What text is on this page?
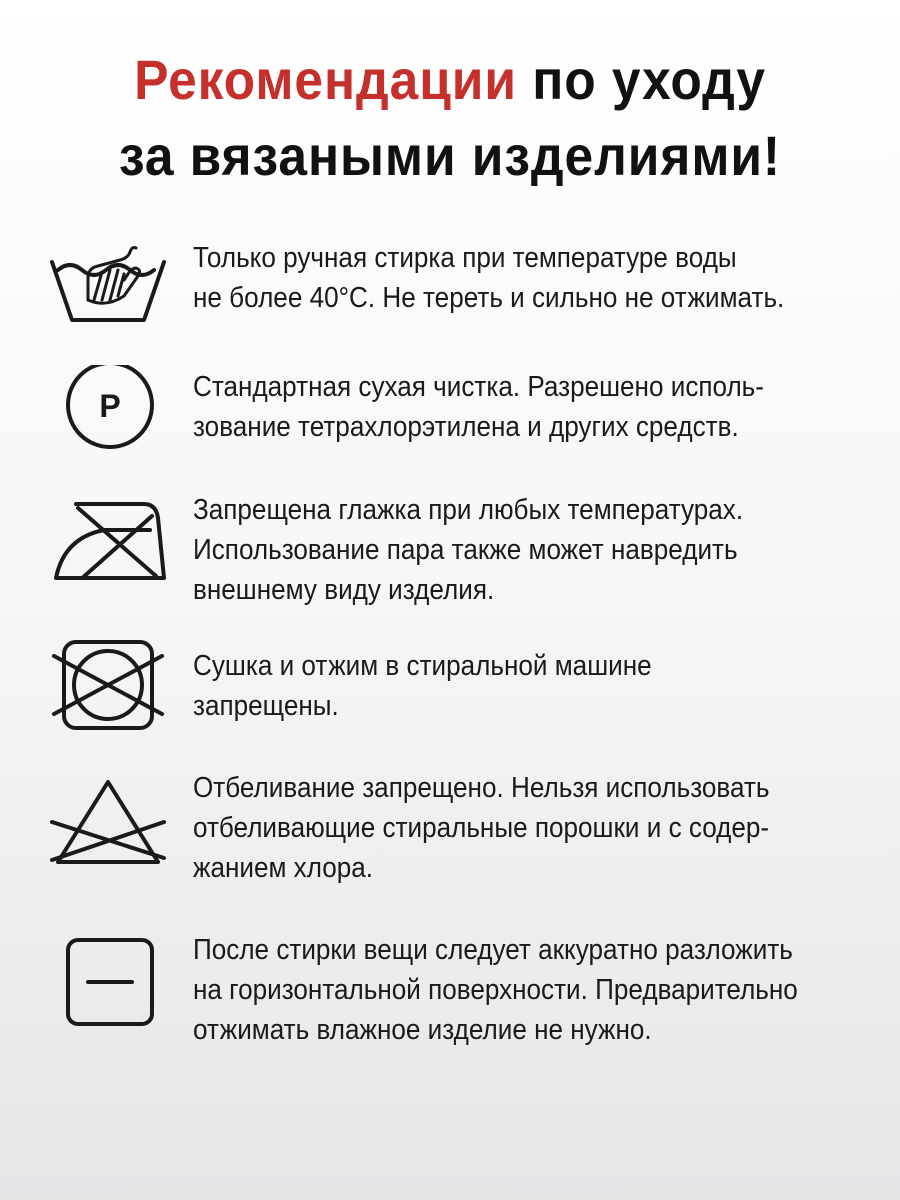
Рекомендации по уходу
за вязаными изделиями!

Только ручная стирка при температуре воды
не более 40°C. Не тереть и сильно не отжимать.

P

Стандартная сухая чистка. Разрешено исполь-
зование тетрахлорэтилена и других средств.

Запрещена глажка при любых температурах.
Использование пара также может навредить
внешнему виду изделия.

Сушка и отжим в стиральной машине
запрещены.

Отбеливание запрещено. Нельзя использовать
отбеливающие стиральные порошки и с содер-
жанием хлора.

После стирки вещи следует аккуратно разложить
на горизонтальной поверхности. Предварительно
отжимать влажное изделие не нужно.
